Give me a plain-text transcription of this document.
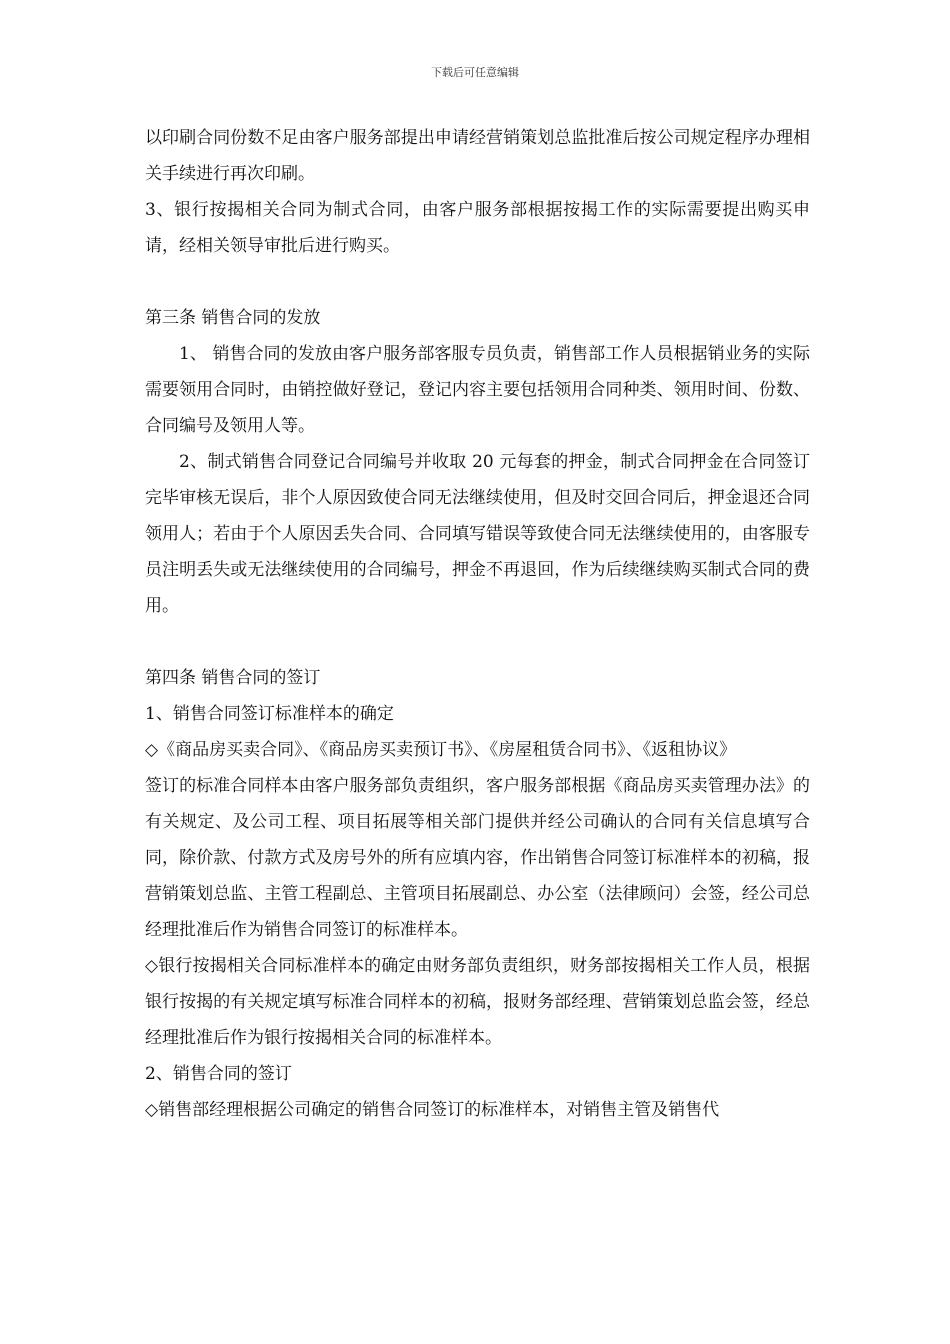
下载后可任意编辑

以印刷合同份数不足由客户服务部提出申请经营销策划总监批准后按公司规定程序办理相关手续进行再次印刷。

3、银行按揭相关合同为制式合同，由客户服务部根据按揭工作的实际需要提出购买申请，经相关领导审批后进行购买。

第三条 销售合同的发放

1、 销售合同的发放由客户服务部客服专员负责，销售部工作人员根据销业务的实际需要领用合同时，由销控做好登记，登记内容主要包括领用合同种类、领用时间、份数、合同编号及领用人等。

2、制式销售合同登记合同编号并收取 20 元每套的押金，制式合同押金在合同签订完毕审核无误后，非个人原因致使合同无法继续使用，但及时交回合同后，押金退还合同领用人；若由于个人原因丢失合同、合同填写错误等致使合同无法继续使用的，由客服专员注明丢失或无法继续使用的合同编号，押金不再退回，作为后续继续购买制式合同的费用。

第四条 销售合同的签订

1、销售合同签订标准样本的确定

◇《商品房买卖合同》、《商品房买卖预订书》、《房屋租赁合同书》、《返租协议》

签订的标准合同样本由客户服务部负责组织，客户服务部根据《商品房买卖管理办法》的有关规定、及公司工程、项目拓展等相关部门提供并经公司确认的合同有关信息填写合同，除价款、付款方式及房号外的所有应填内容，作出销售合同签订标准样本的初稿，报营销策划总监、主管工程副总、主管项目拓展副总、办公室（法律顾问）会签，经公司总经理批准后作为销售合同签订的标准样本。

◇银行按揭相关合同标准样本的确定由财务部负责组织，财务部按揭相关工作人员，根据银行按揭的有关规定填写标准合同样本的初稿，报财务部经理、营销策划总监会签，经总经理批准后作为银行按揭相关合同的标准样本。

2、销售合同的签订

◇销售部经理根据公司确定的销售合同签订的标准样本，对销售主管及销售代
